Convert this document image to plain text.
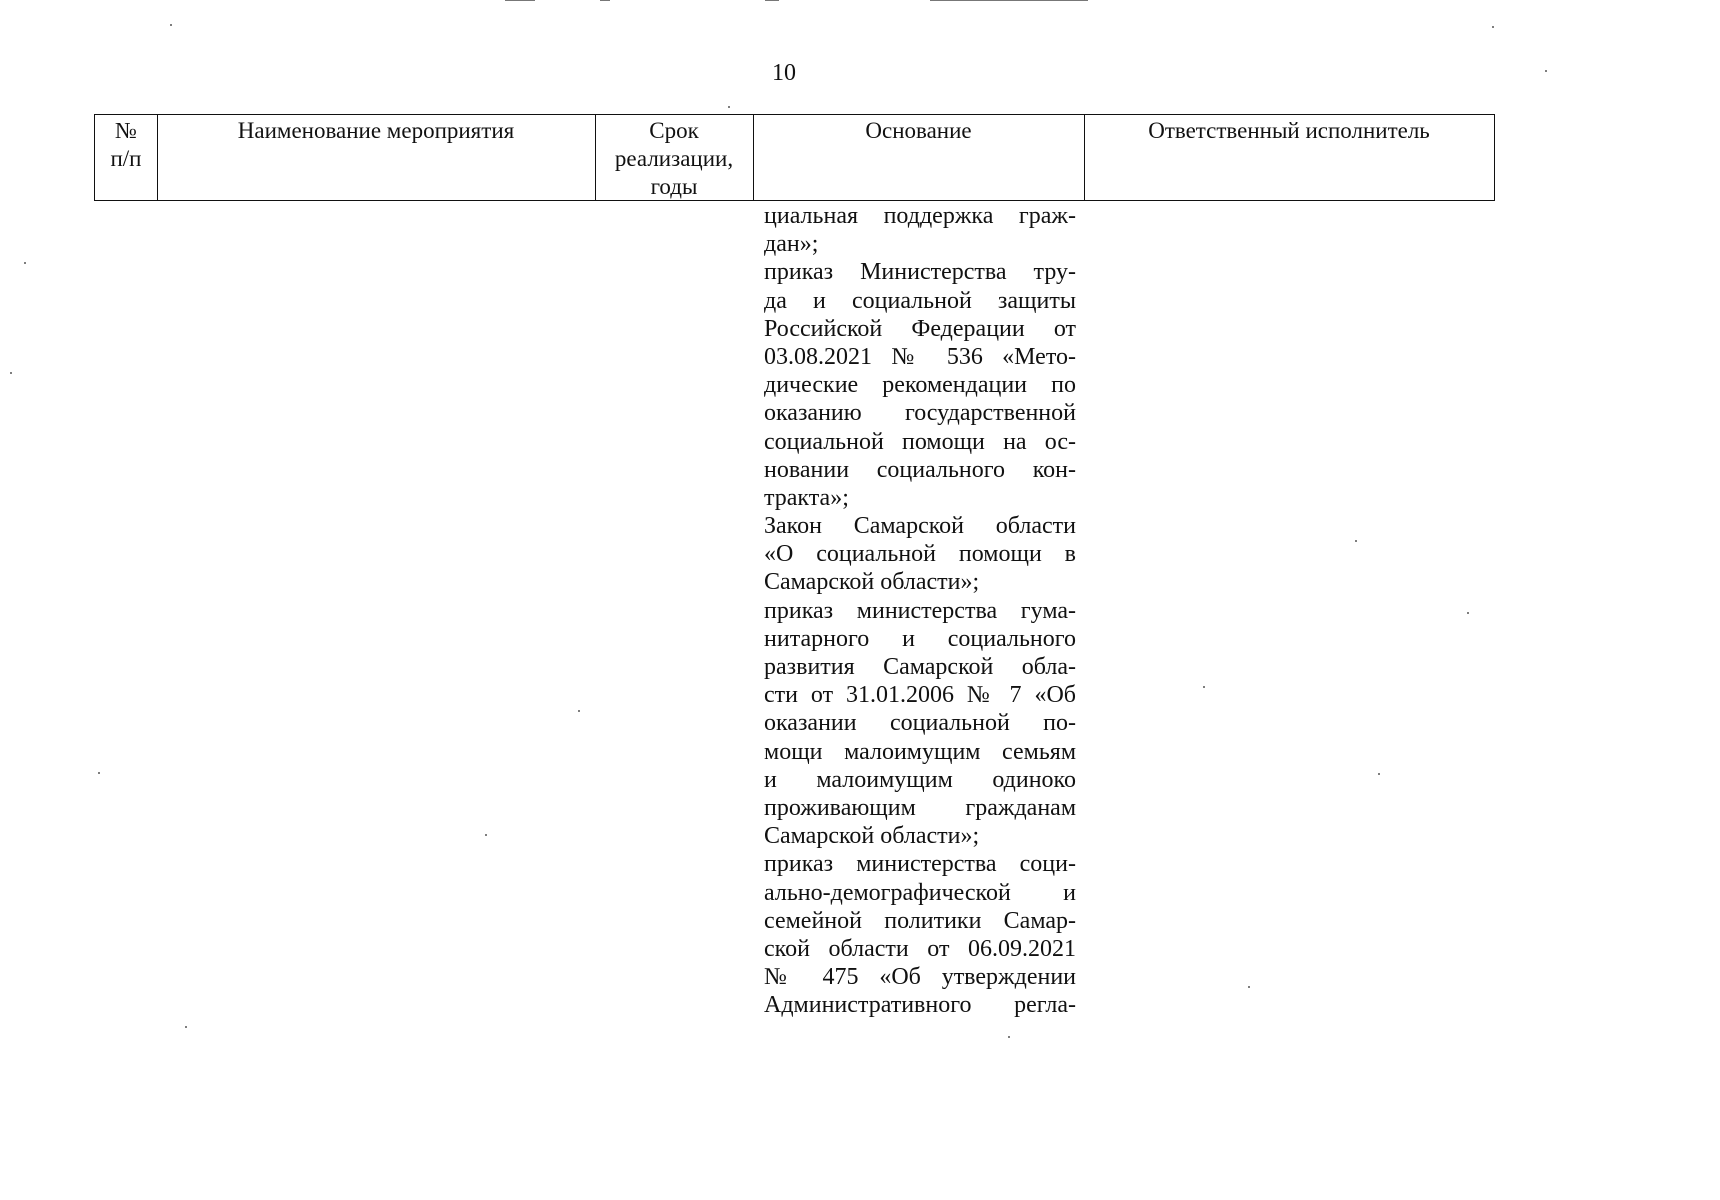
10
№
п/п
Наименование мероприятия	Срок
реализации,
годы
Основание	Ответственный исполнитель
циальная поддержка граж-
дан»;
приказ Министерства тру-
да и социальной защиты
Российской Федерации от
03.08.2021 № 536 «Мето-
дические рекомендации по
оказанию государственной
социальной помощи на ос-
новании социального кон-
тракта»;
Закон Самарской области
«О социальной помощи в
Самарской области»;
приказ министерства гума-
нитарного и социального
развития Самарской обла-
сти от 31.01.2006 № 7 «Об
оказании социальной по-
мощи малоимущим семьям
и малоимущим одиноко
проживающим гражданам
Самарской области»;
приказ министерства соци-
ально-демографической и
семейной политики Самар-
ской области от 06.09.2021
№ 475 «Об утверждении
Административного регла-
